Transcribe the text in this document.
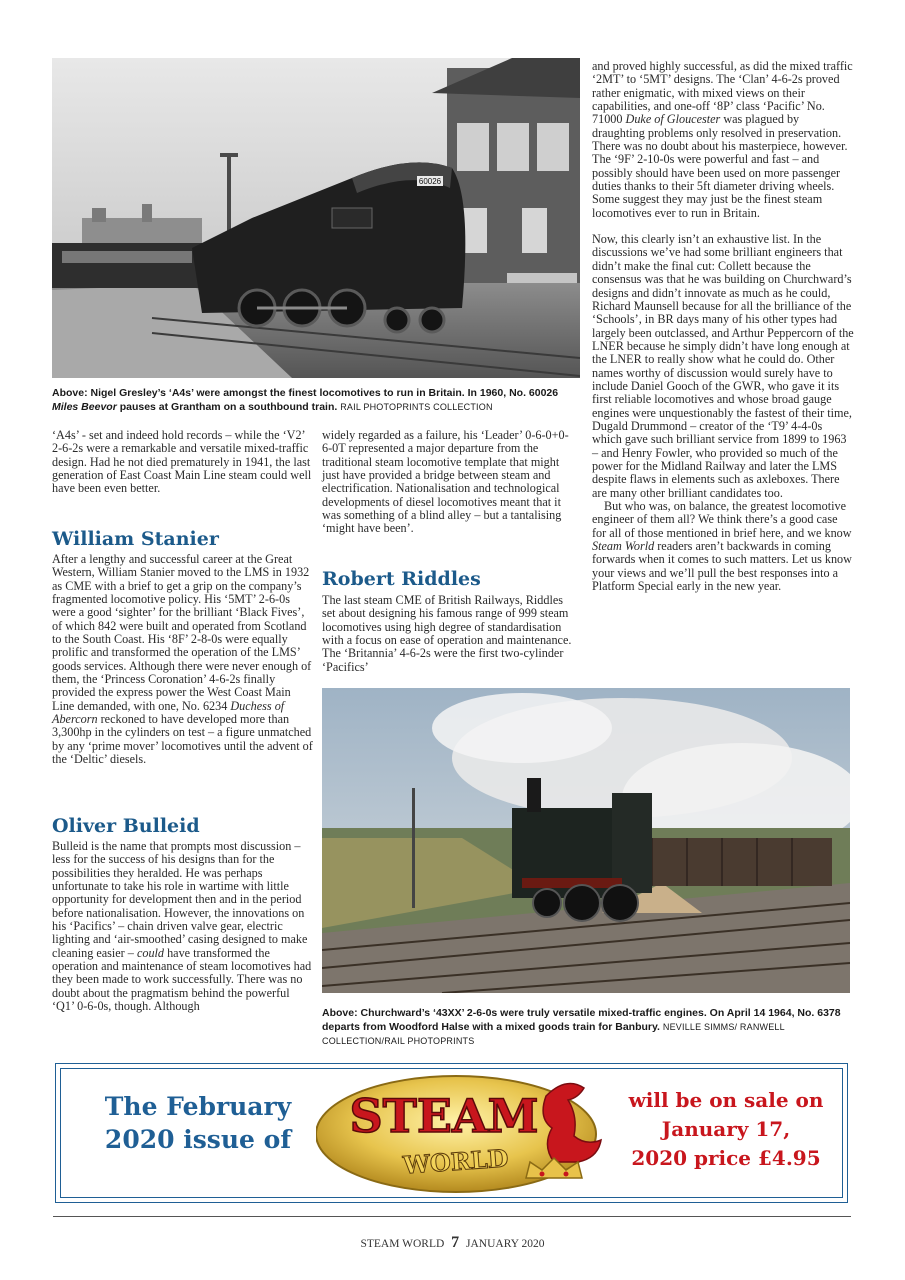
60026
Above: Nigel Gresley’s ‘A4s’ were amongst the finest locomotives to run in Britain. In 1960, No. 60026 Miles Beevor pauses at Grantham on a southbound train. RAIL PHOTOPRINTS COLLECTION

‘A4s’ - set and indeed hold records – while the ‘V2’ 2-6-2s were a remarkable and versatile mixed-traffic design. Had he not died prematurely in 1941, the last generation of East Coast Main Line steam could well have been even better.

William Stanier

After a lengthy and successful career at the Great Western, William Stanier moved to the LMS in 1932 as CME with a brief to get a grip on the company’s fragmented locomotive policy. His ‘5MT’ 2-6-0s were a good ‘sighter’ for the brilliant ‘Black Fives’, of which 842 were built and operated from Scotland to the South Coast. His ‘8F’ 2-8-0s were equally prolific and transformed the operation of the LMS’ goods services. Although there were never enough of them, the ‘Princess Coronation’ 4-6-2s finally provided the express power the West Coast Main Line demanded, with one, No. 6234 Duchess of Abercorn reckoned to have developed more than 3,300hp in the cylinders on test – a figure unmatched by any ‘prime mover’ locomotives until the advent of the ‘Deltic’ diesels.

Oliver Bulleid

Bulleid is the name that prompts most discussion – less for the success of his designs than for the possibilities they heralded. He was perhaps unfortunate to take his role in wartime with little opportunity for development then and in the period before nationalisation. However, the innovations on his ‘Pacifics’ – chain driven valve gear, electric lighting and ‘air-smoothed’ casing designed to make cleaning easier – could have transformed the operation and maintenance of steam locomotives had they been made to work successfully. There was no doubt about the pragmatism behind the powerful ‘Q1’ 0-6-0s, though. Although

widely regarded as a failure, his ‘Leader’ 0-6-0+0-6-0T represented a major departure from the traditional steam locomotive template that might just have provided a bridge between steam and electrification. Nationalisation and technological developments of diesel locomotives meant that it was something of a blind alley – but a tantalising ‘might have been’.

Robert Riddles

The last steam CME of British Railways, Riddles set about designing his famous range of 999 steam locomotives using high degree of standardisation with a focus on ease of operation and maintenance. The ‘Britannia’ 4-6-2s were the first two-cylinder ‘Pacifics’

and proved highly successful, as did the mixed traffic ‘2MT’ to ‘5MT’ designs. The ‘Clan’ 4-6-2s proved rather enigmatic, with mixed views on their capabilities, and one-off ‘8P’ class ‘Pacific’ No. 71000 Duke of Gloucester was plagued by draughting problems only resolved in preservation. There was no doubt about his masterpiece, however. The ‘9F’ 2-10-0s were powerful and fast – and possibly should have been used on more passenger duties thanks to their 5ft diameter driving wheels. Some suggest they may just be the finest steam locomotives ever to run in Britain.

Now, this clearly isn’t an exhaustive list. In the discussions we’ve had some brilliant engineers that didn’t make the final cut: Collett because the consensus was that he was building on Churchward’s designs and didn’t innovate as much as he could, Richard Maunsell because for all the brilliance of the ‘Schools’, in BR days many of his other types had largely been outclassed, and Arthur Peppercorn of the LNER because he simply didn’t have long enough at the LNER to really show what he could do. Other names worthy of discussion would surely have to include Daniel Gooch of the GWR, who gave it its first reliable locomotives and whose broad gauge engines were unquestionably the fastest of their time, Dugald Drummond – creator of the ‘T9’ 4-4-0s which gave such brilliant service from 1899 to 1963 – and Henry Fowler, who provided so much of the power for the Midland Railway and later the LMS despite flaws in elements such as axleboxes. There are many other brilliant candidates too.

But who was, on balance, the greatest locomotive engineer of them all? We think there’s a good case for all of those mentioned in brief here, and we know Steam World readers aren’t backwards in coming forwards when it comes to such matters. Let us know your views and we’ll pull the best responses into a Platform Special early in the new year.

Above: Churchward’s ‘43XX’ 2-6-0s were truly versatile mixed-traffic engines. On April 14 1964, No. 6378 departs from Woodford Halse with a mixed goods train for Banbury. NEVILLE SIMMS/ RANWELL COLLECTION/RAIL PHOTOPRINTS
The February
2020 issue of	STEAM
WORLD
will be on sale on
January 17,
2020 price £4.95
STEAM WORLD 7 JANUARY 2020
